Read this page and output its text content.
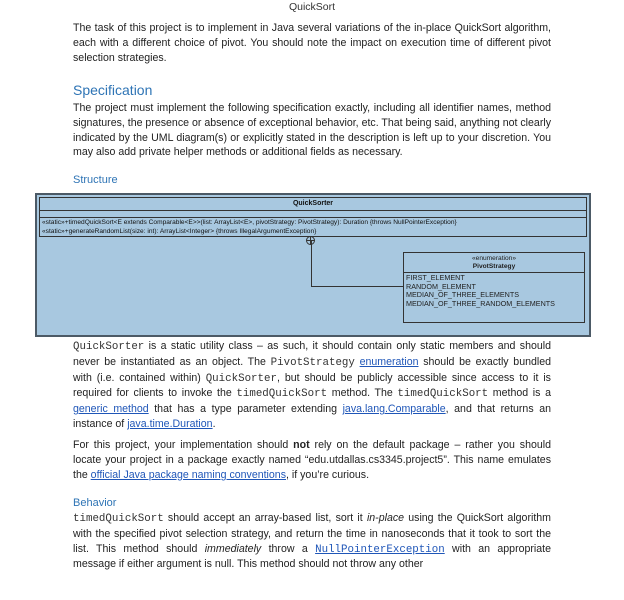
QuickSort

The task of this project is to implement in Java several variations of the in-place QuickSort algorithm, each with a different choice of pivot. You should note the impact on execution time of different pivot selection strategies.

Specification

The project must implement the following specification exactly, including all identifier names, method signatures, the presence or absence of exceptional behavior, etc. That being said, anything not clearly indicated by the UML diagram(s) or explicitly stated in the description is left up to your discretion. You may also add private helper methods or additional fields as necessary.

Structure
QuickSorter
«static»+timedQuickSort<E extends Comparable<E>>(list: ArrayList<E>, pivotStrategy: PivotStrategy): Duration {throws NullPointerException}
«static»+generateRandomList(size: int): ArrayList<Integer> {throws IllegalArgumentException}
«enumeration»
PivotStrategy
FIRST_ELEMENT
RANDOM_ELEMENT
MEDIAN_OF_THREE_ELEMENTS
MEDIAN_OF_THREE_RANDOM_ELEMENTS

QuickSorter is a static utility class – as such, it should contain only static members and should never be instantiated as an object. The PivotStrategy enumeration should be exactly bundled with (i.e. contained within) QuickSorter, but should be publicly accessible since access to it is required for clients to invoke the timedQuickSort method. The timedQuickSort method is a generic method that has a type parameter extending java.lang.Comparable, and that returns an instance of java.time.Duration.

For this project, your implementation should not rely on the default package – rather you should locate your project in a package exactly named “edu.utdallas.cs3345.project5”. This name emulates the official Java package naming conventions, if you’re curious.

Behavior

timedQuickSort should accept an array-based list, sort it in-place using the QuickSort algorithm with the specified pivot selection strategy, and return the time in nanoseconds that it took to sort the list. This method should immediately throw a NullPointerException with an appropriate message if either argument is null. This method should not throw any other
